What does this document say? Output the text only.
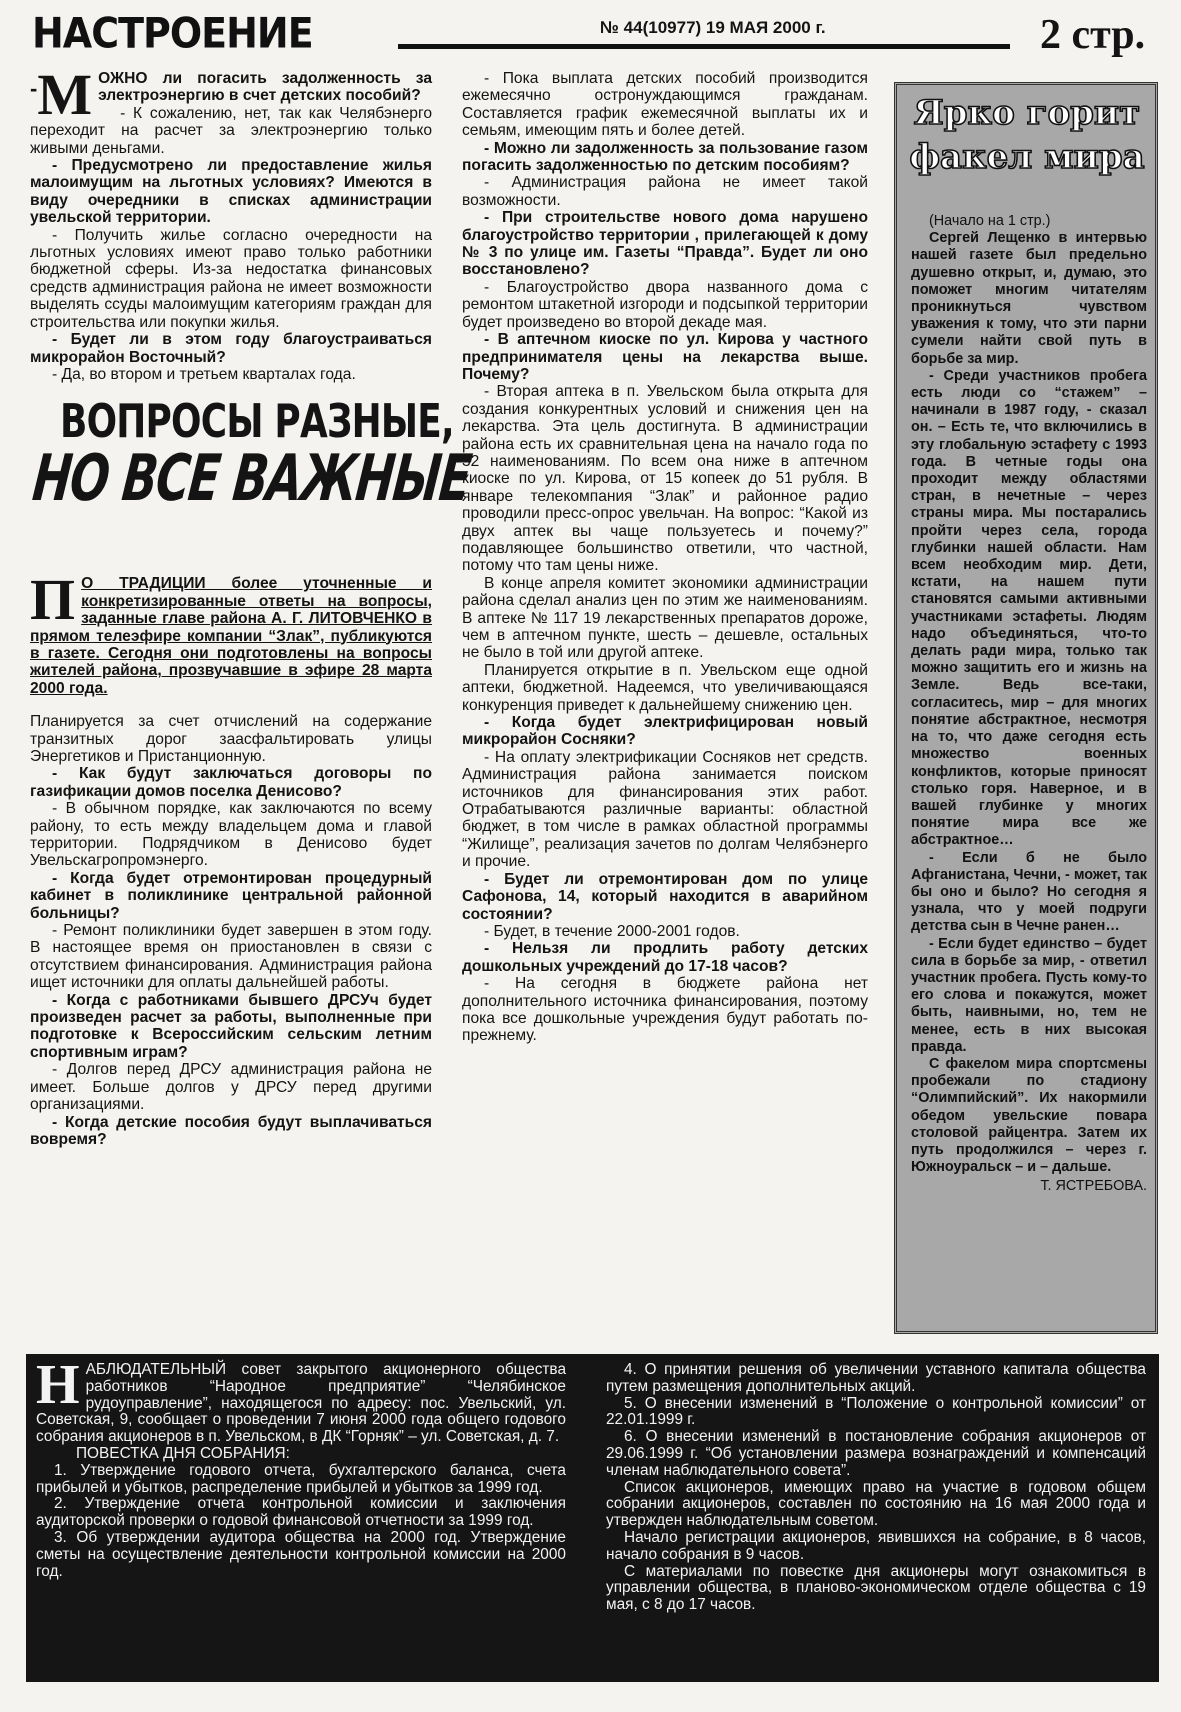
НАСТРОЕНИЕ	№ 44(10977) 19 МАЯ 2000 г.	2 стр.

- М ОЖНО ли погасить задолженность за электроэнергию в счет детских пособий?

- К сожалению, нет, так как Челябэнерго переходит на расчет за электроэнергию только живыми деньгами.

- Предусмотрено ли предоставление жилья малоимущим на льготных условиях? Имеются в виду очередники в списках администрации увельской территории.

- Получить жилье согласно очередности на льготных условиях имеют право только работники бюджетной сферы. Из-за недостатка финансовых средств администрация района не имеет возможности выделять ссуды малоимущим категориям граждан для строительства или покупки жилья.

- Будет ли в этом году благоустраиваться микрорайон Восточный?

- Да, во втором и третьем кварталах года.

ВОПРОСЫ РАЗНЫЕ,
НО ВСЕ ВАЖНЫЕ

П О ТРАДИЦИИ более уточненные и конкретизированные ответы на вопросы, заданные главе района А. Г. ЛИТОВЧЕНКО в прямом телеэфире компании “Злак”, публикуются в газете. Сегодня они подготовлены на вопросы жителей района, прозвучавшие в эфире 28 марта 2000 года.

Планируется за счет отчислений на содержание транзитных дорог заасфальтировать улицы Энергетиков и Пристанционную.

- Как будут заключаться договоры по газификации домов поселка Денисово?

- В обычном порядке, как заключаются по всему району, то есть между владельцем дома и главой территории. Подрядчиком в Денисово будет Увельскагропромэнерго.

- Когда будет отремонтирован процедурный кабинет в поликлинике центральной районной больницы?

- Ремонт поликлиники будет завершен в этом году. В настоящее время он приостановлен в связи с отсутствием финансирования. Администрация района ищет источники для оплаты дальнейшей работы.

- Когда с работниками бывшего ДРСУч будет произведен расчет за работы, выполненные при подготовке к Всероссийским сельским летним спортивным играм?

- Долгов перед ДРСУ администрация района не имеет. Больше долгов у ДРСУ перед другими организациями.

- Когда детские пособия будут выплачиваться вовремя?

- Пока выплата детских пособий производится ежемесячно остронуждающимся гражданам. Составляется график ежемесячной выплаты их и семьям, имеющим пять и более детей.

- Можно ли задолженность за пользование газом погасить задолженностью по детским пособиям?

- Администрация района не имеет такой возможности.

- При строительстве нового дома нарушено благоустройство территории , прилегающей к дому № 3 по улице им. Газеты “Правда”. Будет ли оно восстановлено?

- Благоустройство двора названного дома с ремонтом штакетной изгороди и подсыпкой территории будет произведено во второй декаде мая.

- В аптечном киоске по ул. Кирова у частного предпринимателя цены на лекарства выше. Почему?

- Вторая аптека в п. Увельском была открыта для создания конкурентных условий и снижения цен на лекарства. Эта цель достигнута. В администрации района есть их сравнительная цена на начало года по 32 наименованиям. По всем она ниже в аптечном киоске по ул. Кирова, от 15 копеек до 51 рубля. В январе телекомпания “Злак” и районное радио проводили пресс-опрос увельчан. На вопрос: “Какой из двух аптек вы чаще пользуетесь и почему?” подавляющее большинство ответили, что частной, потому что там цены ниже.

В конце апреля комитет экономики администрации района сделал анализ цен по этим же наименованиям. В аптеке № 117 19 лекарственных препаратов дороже, чем в аптечном пункте, шесть – дешевле, остальных не было в той или другой аптеке.

Планируется открытие в п. Увельском еще одной аптеки, бюджетной. Надеемся, что увеличивающаяся конкуренция приведет к дальнейшему снижению цен.

- Когда будет электрифицирован новый микрорайон Сосняки?

- На оплату электрификации Сосняков нет средств. Администрация района занимается поиском источников для финансирования этих работ. Отрабатываются различные варианты: областной бюджет, в том числе в рамках областной программы “Жилище”, реализация зачетов по долгам Челябэнерго и прочие.

- Будет ли отремонтирован дом по улице Сафонова, 14, который находится в аварийном состоянии?

- Будет, в течение 2000-2001 годов.

- Нельзя ли продлить работу детских дошкольных учреждений до 17-18 часов?

- На сегодня в бюджете района нет дополнительного источника финансирования, поэтому пока все дошкольные учреждения будут работать по-прежнему.

Ярко горит факел мира

(Начало на 1 стр.)

Сергей Лещенко в интервью нашей газете был предельно душевно открыт, и, думаю, это поможет многим читателям проникнуться чувством уважения к тому, что эти парни сумели найти свой путь в борьбе за мир.

- Среди участников пробега есть люди со “стажем” – начинали в 1987 году, - сказал он. – Есть те, что включились в эту глобальную эстафету с 1993 года. В четные годы она проходит между областями стран, в нечетные – через страны мира. Мы постарались пройти через села, города глубинки нашей области. Нам всем необходим мир. Дети, кстати, на нашем пути становятся самыми активными участниками эстафеты. Людям надо объединяться, что-то делать ради мира, только так можно защитить его и жизнь на Земле. Ведь все-таки, согласитесь, мир – для многих понятие абстрактное, несмотря на то, что даже сегодня есть множество военных конфликтов, которые приносят столько горя. Наверное, и в вашей глубинке у многих понятие мира все же абстрактное…

- Если б не было Афганистана, Чечни, - может, так бы оно и было? Но сегодня я узнала, что у моей подруги детства сын в Чечне ранен…

- Если будет единство – будет сила в борьбе за мир, - ответил участник пробега. Пусть кому-то его слова и покажутся, может быть, наивными, но, тем не менее, есть в них высокая правда.

С факелом мира спортсмены пробежали по стадиону “Олимпийский”. Их накормили обедом увельские повара столовой райцентра. Затем их путь продолжился – через г. Южноуральск – и – дальше.

Т. ЯСТРЕБОВА.

НАБЛЮДАТЕЛЬНЫЙ совет закрытого акционерного общества работников “Народное предприятие” “Челябинское рудоуправление”, находящегося по адресу: пос. Увельский, ул. Советская, 9, сообщает о проведении 7 июня 2000 года общего годового собрания акционеров в п. Увельском, в ДК “Горняк” – ул. Советская, д. 7.

ПОВЕСТКА ДНЯ СОБРАНИЯ:

1. Утверждение годового отчета, бухгалтерского баланса, счета прибылей и убытков, распределение прибылей и убытков за 1999 год.

2. Утверждение отчета контрольной комиссии и заключения аудиторской проверки о годовой финансовой отчетности за 1999 год.

3. Об утверждении аудитора общества на 2000 год. Утверждение сметы на осуществление деятельности контрольной комиссии на 2000 год.

4. О принятии решения об увеличении уставного капитала общества путем размещения дополнительных акций.

5. О внесении изменений в “Положение о контрольной комиссии” от 22.01.1999 г.

6. О внесении изменений в постановление собрания акционеров от 29.06.1999 г. “Об установлении размера вознаграждений и компенсаций членам наблюдательного совета”.

Список акционеров, имеющих право на участие в годовом общем собрании акционеров, составлен по состоянию на 16 мая 2000 года и утвержден наблюдательным советом.

Начало регистрации акционеров, явившихся на собрание, в 8 часов, начало собрания в 9 часов.

С материалами по повестке дня акционеры могут ознакомиться в управлении общества, в планово-экономическом отделе общества с 19 мая, с 8 до 17 часов.
